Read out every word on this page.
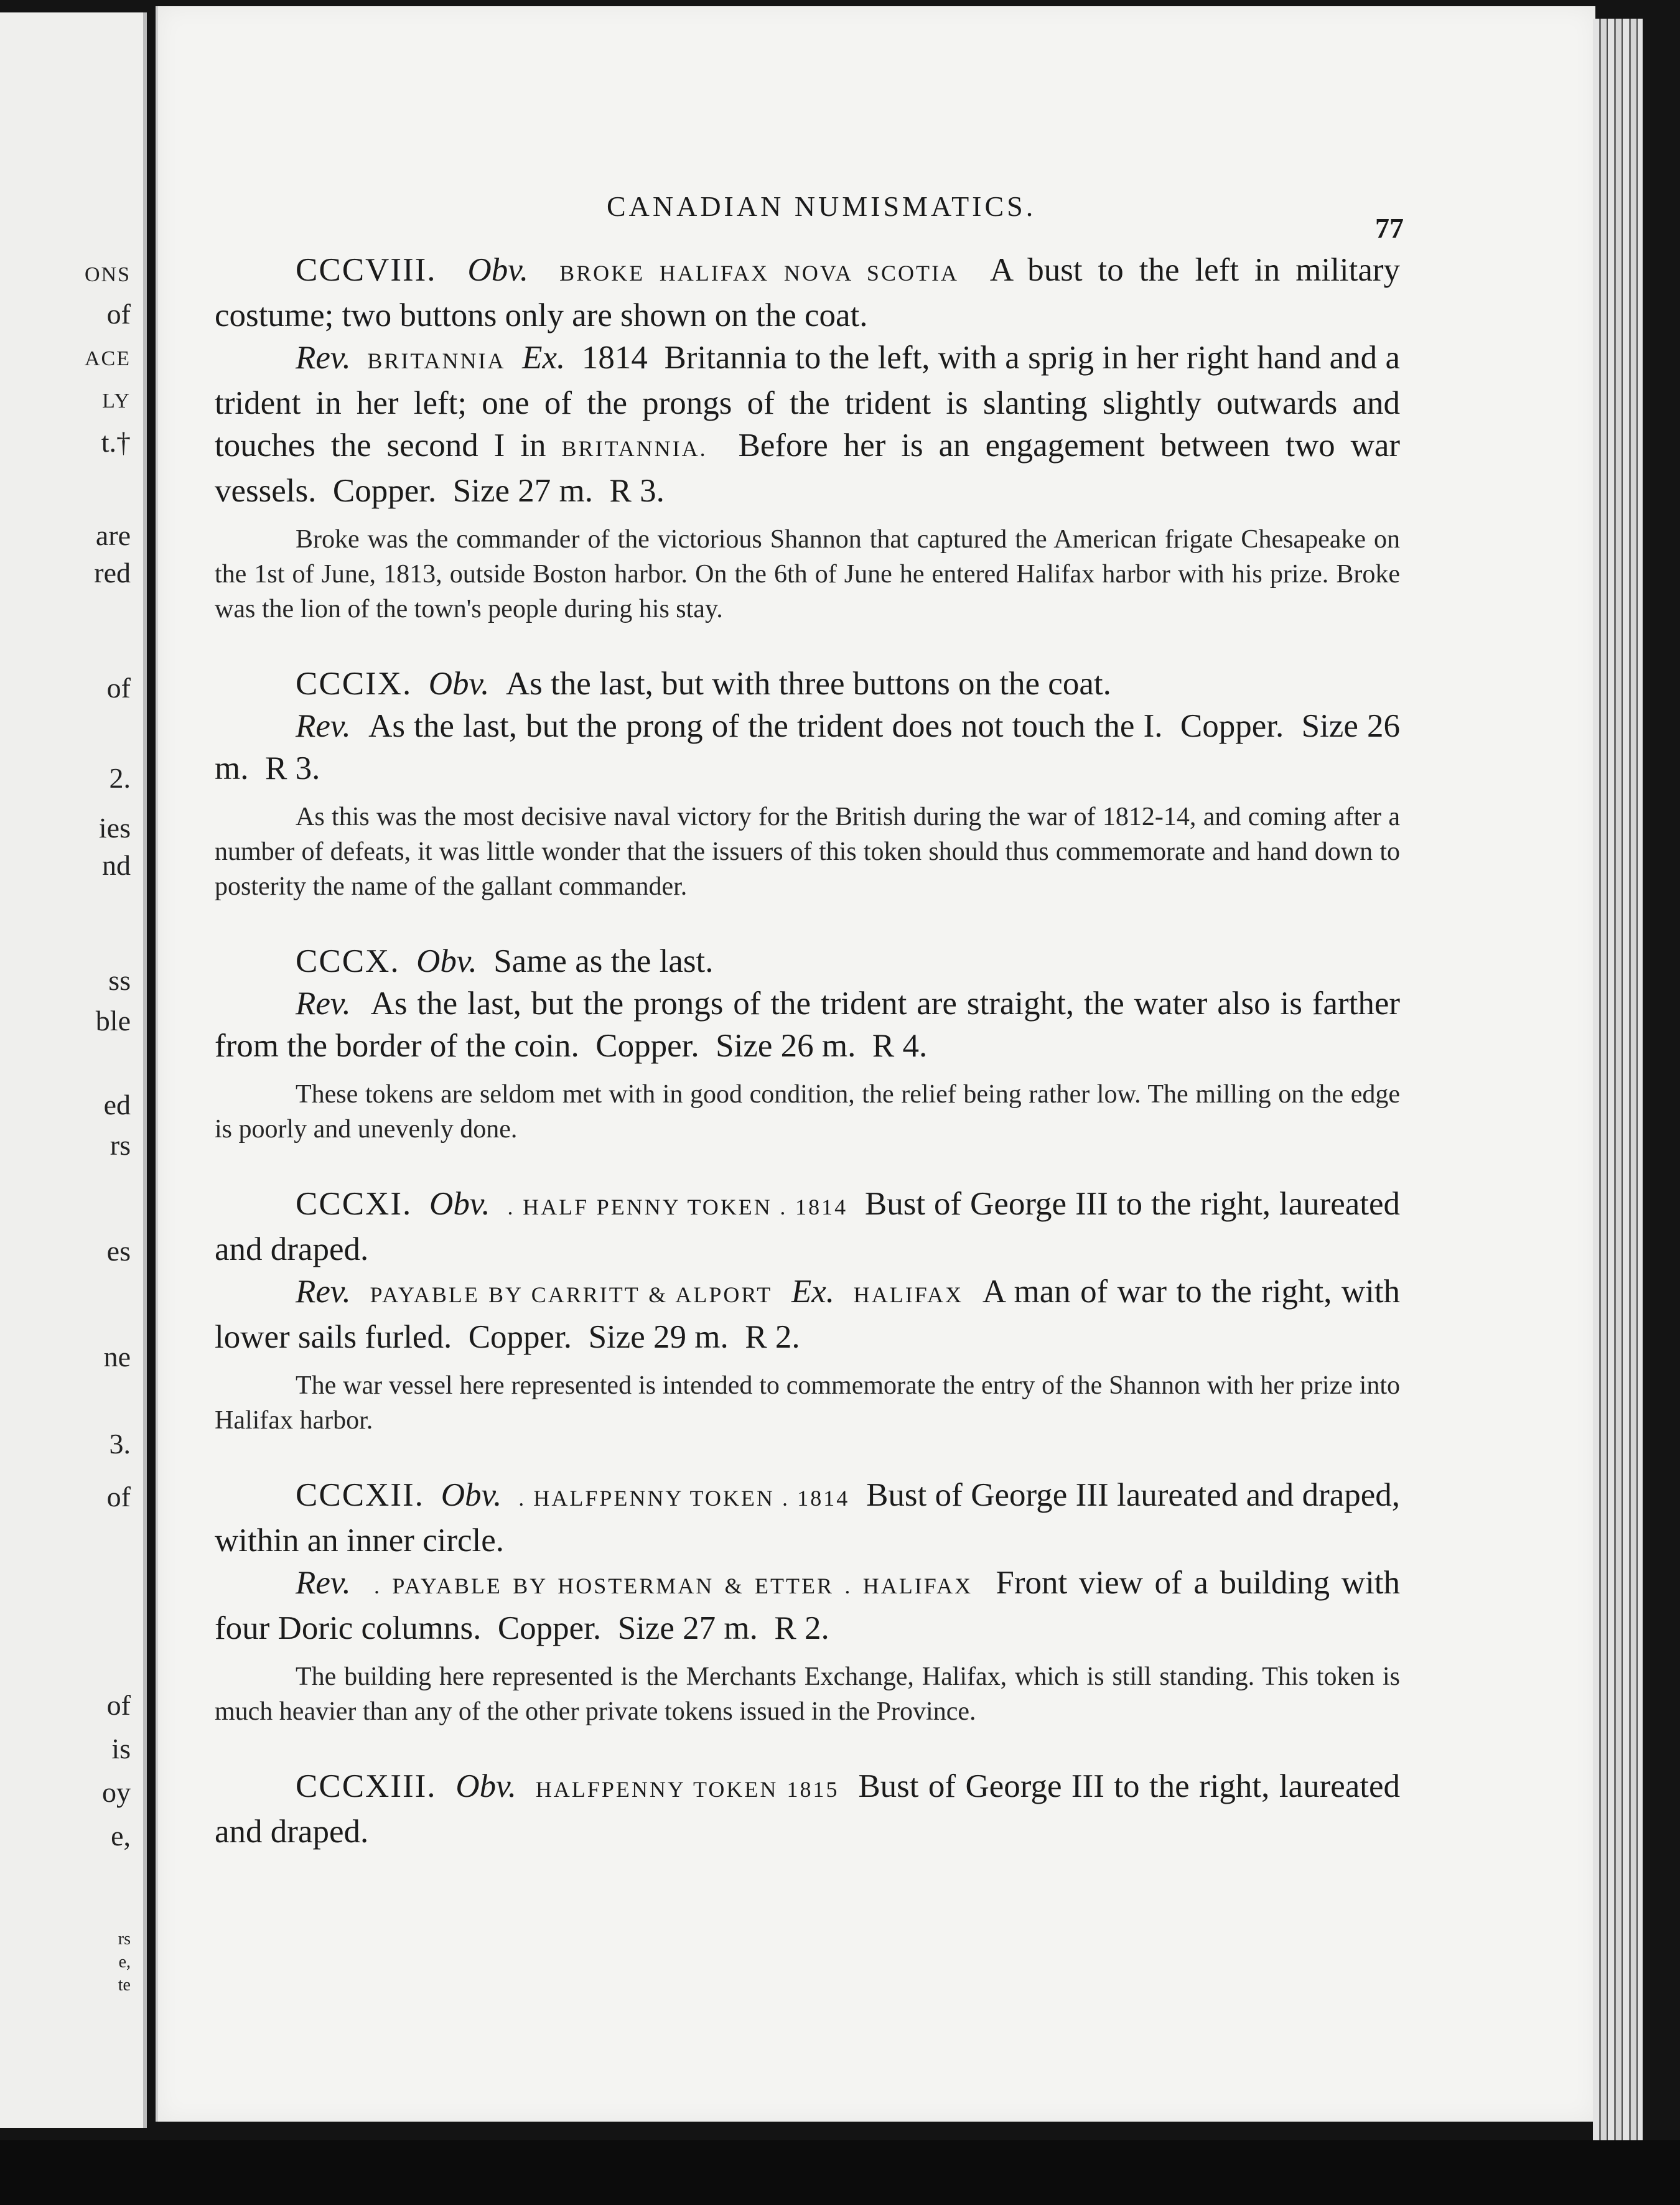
ONS
of
ACE
LY
t.†
are
red
of
2.
ies
nd
ss
ble
ed
rs
es
ne
3.
of
of
is
oy
e,
rs
e,
te
CANADIAN NUMISMATICS.
77

CCCVIII. Obv. BROKE HALIFAX NOVA SCOTIA A bust to the left in military costume; two buttons only are shown on the coat.
Rev. BRITANNIA Ex. 1814 Britannia to the left, with a sprig in her right hand and a trident in her left; one of the prongs of the trident is slanting slightly outwards and touches the second I in BRITANNIA. Before her is an engagement between two war vessels. Copper. Size 27 m. R 3.

Broke was the commander of the victorious Shannon that captured the American frigate Chesapeake on the 1st of June, 1813, outside Boston harbor. On the 6th of June he entered Halifax harbor with his prize. Broke was the lion of the town's people during his stay.

CCCIX. Obv. As the last, but with three buttons on the coat.
Rev. As the last, but the prong of the trident does not touch the I. Copper. Size 26 m. R 3.

As this was the most decisive naval victory for the British during the war of 1812-14, and coming after a number of defeats, it was little wonder that the issuers of this token should thus commemorate and hand down to posterity the name of the gallant commander.

CCCX. Obv. Same as the last.
Rev. As the last, but the prongs of the trident are straight, the water also is farther from the border of the coin. Copper. Size 26 m. R 4.

These tokens are seldom met with in good condition, the relief being rather low. The milling on the edge is poorly and unevenly done.

CCCXI. Obv. . HALF PENNY TOKEN . 1814 Bust of George III to the right, laureated and draped.
Rev. PAYABLE BY CARRITT & ALPORT Ex. HALIFAX A man of war to the right, with lower sails furled. Copper. Size 29 m. R 2.

The war vessel here represented is intended to commemorate the entry of the Shannon with her prize into Halifax harbor.

CCCXII. Obv. . HALFPENNY TOKEN . 1814 Bust of George III laureated and draped, within an inner circle.
Rev. . PAYABLE BY HOSTERMAN & ETTER . HALIFAX Front view of a building with four Doric columns. Copper. Size 27 m. R 2.

The building here represented is the Merchants Exchange, Halifax, which is still standing. This token is much heavier than any of the other private tokens issued in the Province.

CCCXIII. Obv. HALFPENNY TOKEN 1815 Bust of George III to the right, laureated and draped.
